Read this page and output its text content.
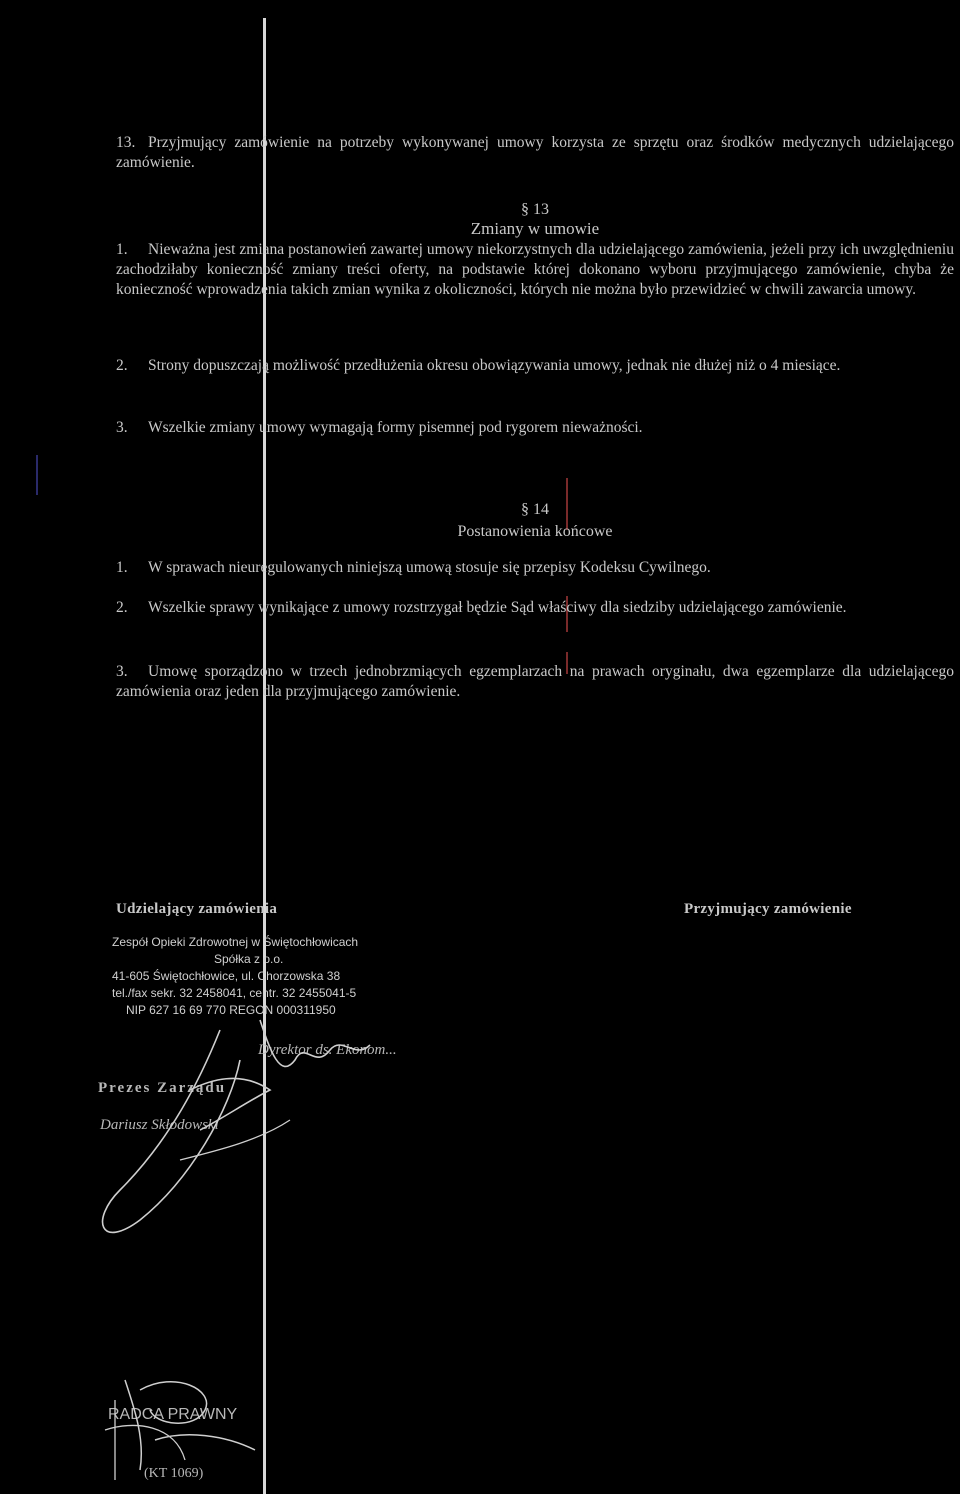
13. Przyjmujący zamówienie na potrzeby wykonywanej umowy korzysta ze sprzętu oraz środków medycznych udzielającego zamówienie.
§ 13
Zmiany w umowie
1. Nieważna jest zmiana postanowień zawartej umowy niekorzystnych dla udzielającego zamówienia, jeżeli przy ich uwzględnieniu zachodziłaby konieczność zmiany treści oferty, na podstawie której dokonano wyboru przyjmującego zamówienie, chyba że konieczność wprowadzenia takich zmian wynika z okoliczności, których nie można było przewidzieć w chwili zawarcia umowy.
2. Strony dopuszczają możliwość przedłużenia okresu obowiązywania umowy, jednak nie dłużej niż o 4 miesiące.
3. Wszelkie zmiany umowy wymagają formy pisemnej pod rygorem nieważności.
§ 14
Postanowienia końcowe
1. W sprawach nieuregulowanych niniejszą umową stosuje się przepisy Kodeksu Cywilnego.
2. Wszelkie sprawy wynikające z umowy rozstrzygał będzie Sąd właściwy dla siedziby udzielającego zamówienie.
3. Umowę sporządzono w trzech jednobrzmiących egzemplarzach na prawach oryginału, dwa egzemplarze dla udzielającego zamówienia oraz jeden dla przyjmującego zamówienie.
Udzielający zamówienia	Przyjmujący zamówienie
Zespół Opieki Zdrowotnej w Świętochłowicach
Spółka z o.o.
41-605 Świętochłowice, ul. Chorzowska 38
tel./fax sekr. 32 2458041, centr. 32 2455041-5
NIP 627 16 69 770 REGON 000311950
Dyrektor ds. Ekonom...
Prezes Zarządu
Dariusz Skłodowski
RADCA PRAWNY
(KT 1069)
